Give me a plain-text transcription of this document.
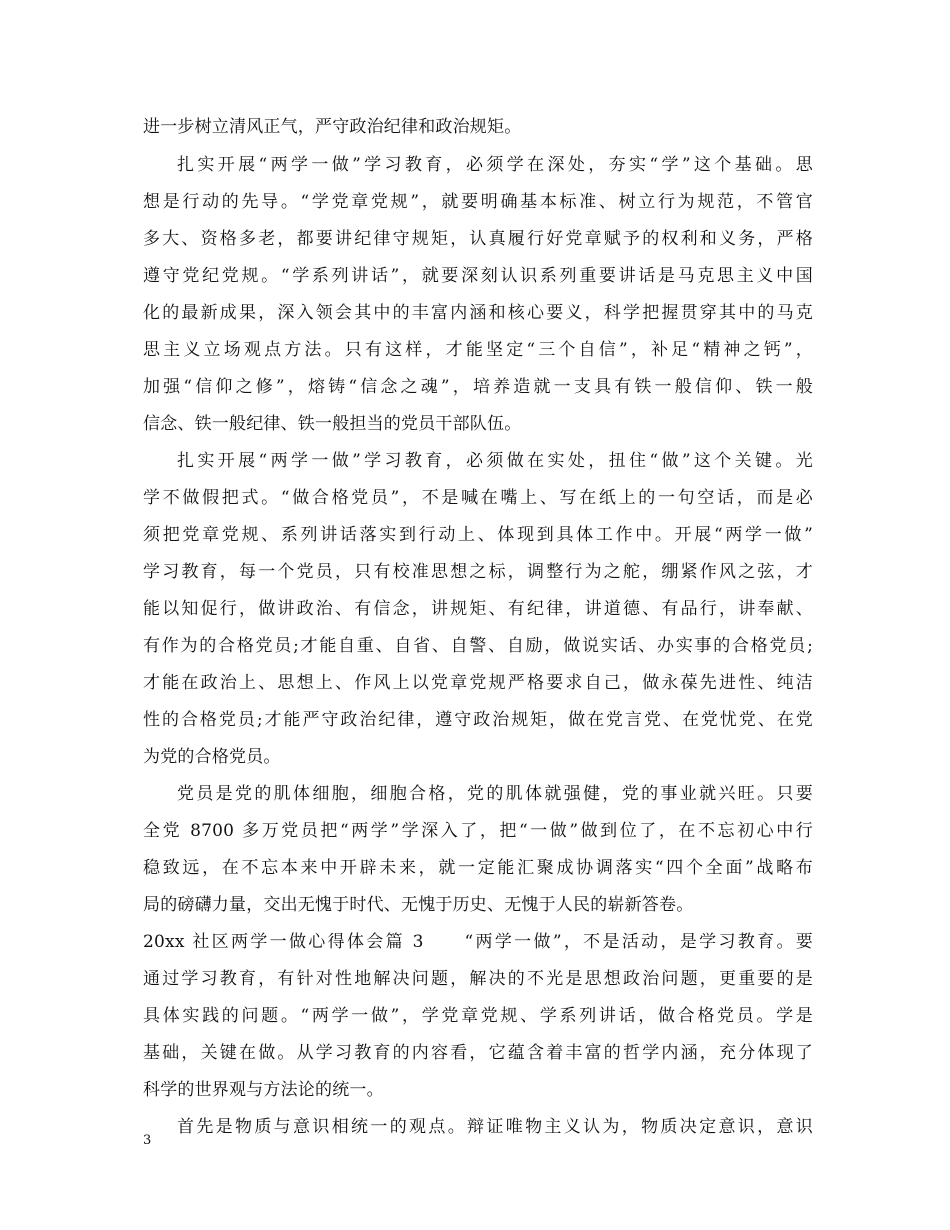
进一步树立清风正气，严守政治纪律和政治规矩。
扎实开展“两学一做”学习教育，必须学在深处，夯实“学”这个基础。思
想是行动的先导。“学党章党规”，就要明确基本标准、树立行为规范，不管官
多大、资格多老，都要讲纪律守规矩，认真履行好党章赋予的权利和义务，严格
遵守党纪党规。“学系列讲话”，就要深刻认识系列重要讲话是马克思主义中国
化的最新成果，深入领会其中的丰富内涵和核心要义，科学把握贯穿其中的马克
思主义立场观点方法。只有这样，才能坚定“三个自信”，补足“精神之钙”，
加强“信仰之修”，熔铸“信念之魂”，培养造就一支具有铁一般信仰、铁一般
信念、铁一般纪律、铁一般担当的党员干部队伍。
扎实开展“两学一做”学习教育，必须做在实处，扭住“做”这个关键。光
学不做假把式。“做合格党员”，不是喊在嘴上、写在纸上的一句空话，而是必
须把党章党规、系列讲话落实到行动上、体现到具体工作中。开展“两学一做”
学习教育，每一个党员，只有校准思想之标，调整行为之舵，绷紧作风之弦，才
能以知促行，做讲政治、有信念，讲规矩、有纪律，讲道德、有品行，讲奉献、
有作为的合格党员;才能自重、自省、自警、自励，做说实话、办实事的合格党员;
才能在政治上、思想上、作风上以党章党规严格要求自己，做永葆先进性、纯洁
性的合格党员;才能严守政治纪律，遵守政治规矩，做在党言党、在党忧党、在党
为党的合格党员。
党员是党的肌体细胞，细胞合格，党的肌体就强健，党的事业就兴旺。只要
全党 8700 多万党员把“两学”学深入了，把“一做”做到位了，在不忘初心中行
稳致远，在不忘本来中开辟未来，就一定能汇聚成协调落实“四个全面”战略布
局的磅礴力量，交出无愧于时代、无愧于历史、无愧于人民的崭新答卷。
20xx 社区两学一做心得体会篇 3　　“两学一做”，不是活动，是学习教育。要
通过学习教育，有针对性地解决问题，解决的不光是思想政治问题，更重要的是
具体实践的问题。“两学一做”，学党章党规、学系列讲话，做合格党员。学是
基础，关键在做。从学习教育的内容看，它蕴含着丰富的哲学内涵，充分体现了
科学的世界观与方法论的统一。
首先是物质与意识相统一的观点。辩证唯物主义认为，物质决定意识，意识
3
